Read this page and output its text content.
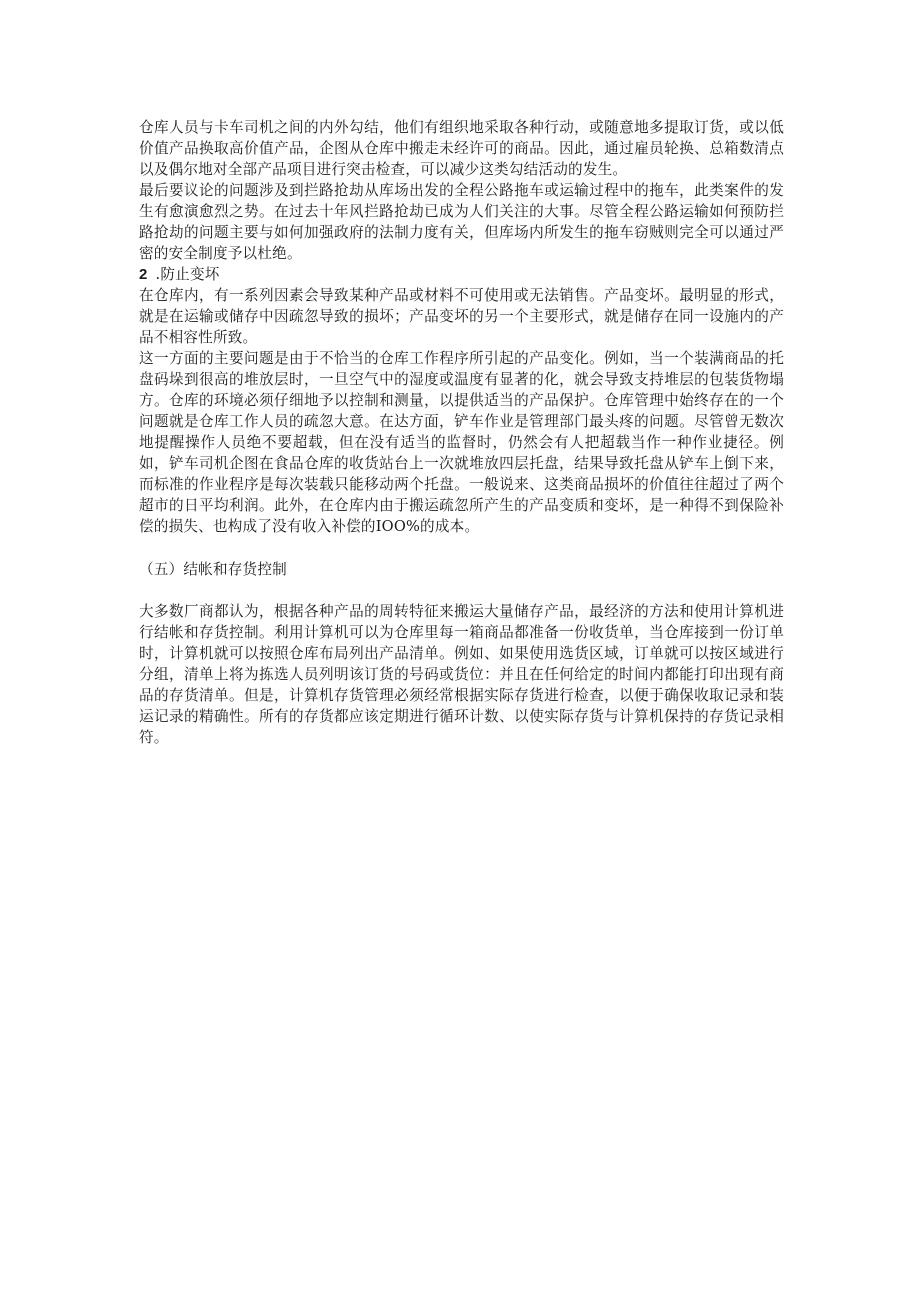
仓库人员与卡车司机之间的内外勾结，他们有组织地采取各种行动，或随意地多提取订货，或以低价值产品换取高价值产品，企图从仓库中搬走未经许可的商品。因此，通过雇员轮换、总箱数清点以及偶尔地对全部产品项目进行突击检查，可以减少这类勾结活动的发生。

最后要议论的问题涉及到拦路抢劫从库场出发的全程公路拖车或运输过程中的拖车，此类案件的发生有愈演愈烈之势。在过去十年风拦路抢劫已成为人们关注的大事。尽管全程公路运输如何预防拦路抢劫的问题主要与如何加强政府的法制力度有关，但库场内所发生的拖车窃贼则完全可以通过严密的安全制度予以杜绝。

2 .防止变坏

在仓库内，有一系列因素会导致某种产品或材料不可使用或无法销售。产品变坏。最明显的形式，就是在运输或储存中因疏忽导致的损坏；产品变坏的另一个主要形式，就是储存在同一设施内的产品不相容性所致。

这一方面的主要问题是由于不恰当的仓库工作程序所引起的产品变化。例如，当一个装满商品的托盘码垛到很高的堆放层时，一旦空气中的湿度或温度有显著的化，就会导致支持堆层的包装货物塌方。仓库的环境必须仔细地予以控制和测量，以提供适当的产品保护。仓库管理中始终存在的一个问题就是仓库工作人员的疏忽大意。在达方面，铲车作业是管理部门最头疼的问题。尽管曾无数次地提醒操作人员绝不要超载，但在没有适当的监督时，仍然会有人把超载当作一种作业捷径。例如，铲车司机企图在食品仓库的收货站台上一次就堆放四层托盘，结果导致托盘从铲车上倒下来，而标准的作业程序是每次装载只能移动两个托盘。一般说来、这类商品损坏的价值往往超过了两个超市的日平均利润。此外，在仓库内由于搬运疏忽所产生的产品变质和变坏，是一种得不到保险补偿的损失、也构成了没有收入补偿的IOO%的成本。

（五）结帐和存货控制

大多数厂商都认为，根据各种产品的周转特征来搬运大量储存产品，最经济的方法和使用计算机进行结帐和存货控制。利用计算机可以为仓库里每一箱商品都准备一份收货单，当仓库接到一份订单时，计算机就可以按照仓库布局列出产品清单。例如、如果使用选货区域，订单就可以按区域进行分组，清单上将为拣选人员列明该订货的号码或货位：并且在任何给定的时间内都能打印出现有商品的存货清单。但是，计算机存货管理必须经常根据实际存货进行检查，以便于确保收取记录和装运记录的精确性。所有的存货都应该定期进行循环计数、以使实际存货与计算机保持的存货记录相符。
